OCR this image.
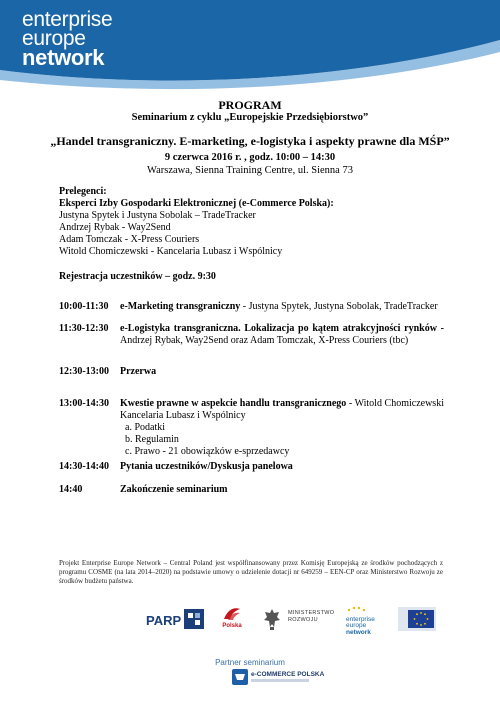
enterprise
europe
network
PROGRAM
Seminarium z cyklu „Europejskie Przedsiębiorstwo”
„Handel transgraniczny. E-marketing, e-logistyka i aspekty prawne dla MŚP”
9 czerwca 2016 r. , godz. 10:00 – 14:30
Warszawa, Sienna Training Centre, ul. Sienna 73
Prelegenci:
Eksperci Izby Gospodarki Elektronicznej (e-Commerce Polska):
Justyna Spytek i Justyna Sobolak – TradeTracker
Andrzej Rybak - Way2Send
Adam Tomczak - X-Press Couriers
Witold Chomiczewski - Kancelaria Lubasz i Wspólnicy
Rejestracja uczestników – godz. 9:30
10:00-11:30	e-Marketing transgraniczny - Justyna Spytek, Justyna Sobolak, TradeTracker
11:30-12:30	e-Logistyka transgraniczna. Lokalizacja po kątem atrakcyjności rynków - Andrzej Rybak, Way2Send oraz Adam Tomczak, X-Press Couriers (tbc)
12:30-13:00	Przerwa
13:00-14:30	Kwestie prawne w aspekcie handlu transgranicznego - Witold Chomiczewski Kancelaria Lubasz i Wspólnicy
a. Podatki
b. Regulamin
c. Prawo - 21 obowiązków e-sprzedawcy
14:30-14:40	Pytania uczestników/Dyskusja panelowa
14:40	Zakończenie seminarium
Projekt Enterprise Europe Network – Central Poland jest współfinansowany przez Komisję Europejską ze środków pochodzących z programu COSME (na lata 2014–2020) na podstawie umowy o udzielenie dotacji nr 649259 – EEN-CP oraz Ministerstwo Rozwoju ze środków budżetu państwa.
PARP	Polska
MINISTERSTWO
ROZWOJU	enterprise
europe
network
Partner seminarium
e-COMMERCE POLSKA
